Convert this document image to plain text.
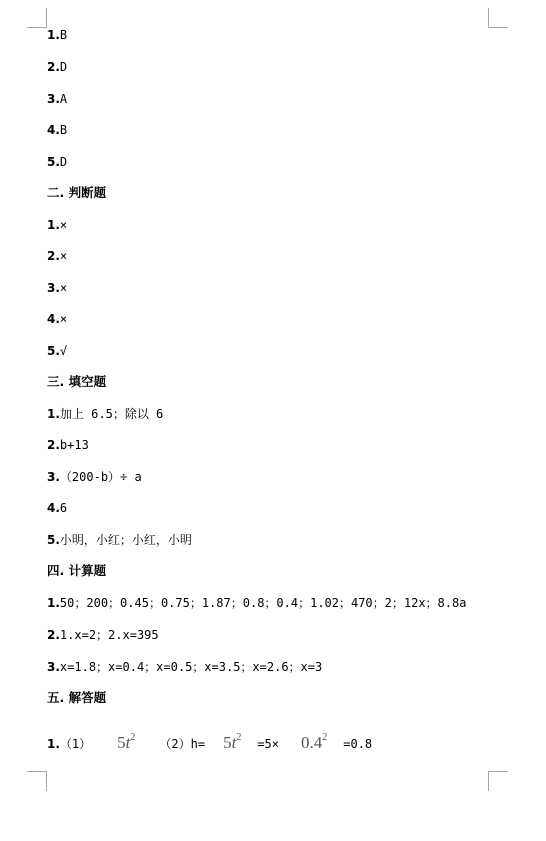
1.B
2.D
3.A
4.B
5.D
二. 判断题
1.×
2.×
3.×
4.×
5.√
三. 填空题
1.加上 6.5；除以 6
2.b+13
3.（200-b）÷ a
4.6
5.小明，小红；小红，小明
四. 计算题
1.50；200；0.45；0.75；1.87；0.8；0.4；1.02；470；2；12x；8.8a
2.1.x=2；2.x=395
3.x=1.8；x=0.4；x=0.5；x=3.5；x=2.6；x=3
五. 解答题
1.（1） $5t^2$ $(2)h= 5t^2 =5\times 0.4^2 =0.8$
